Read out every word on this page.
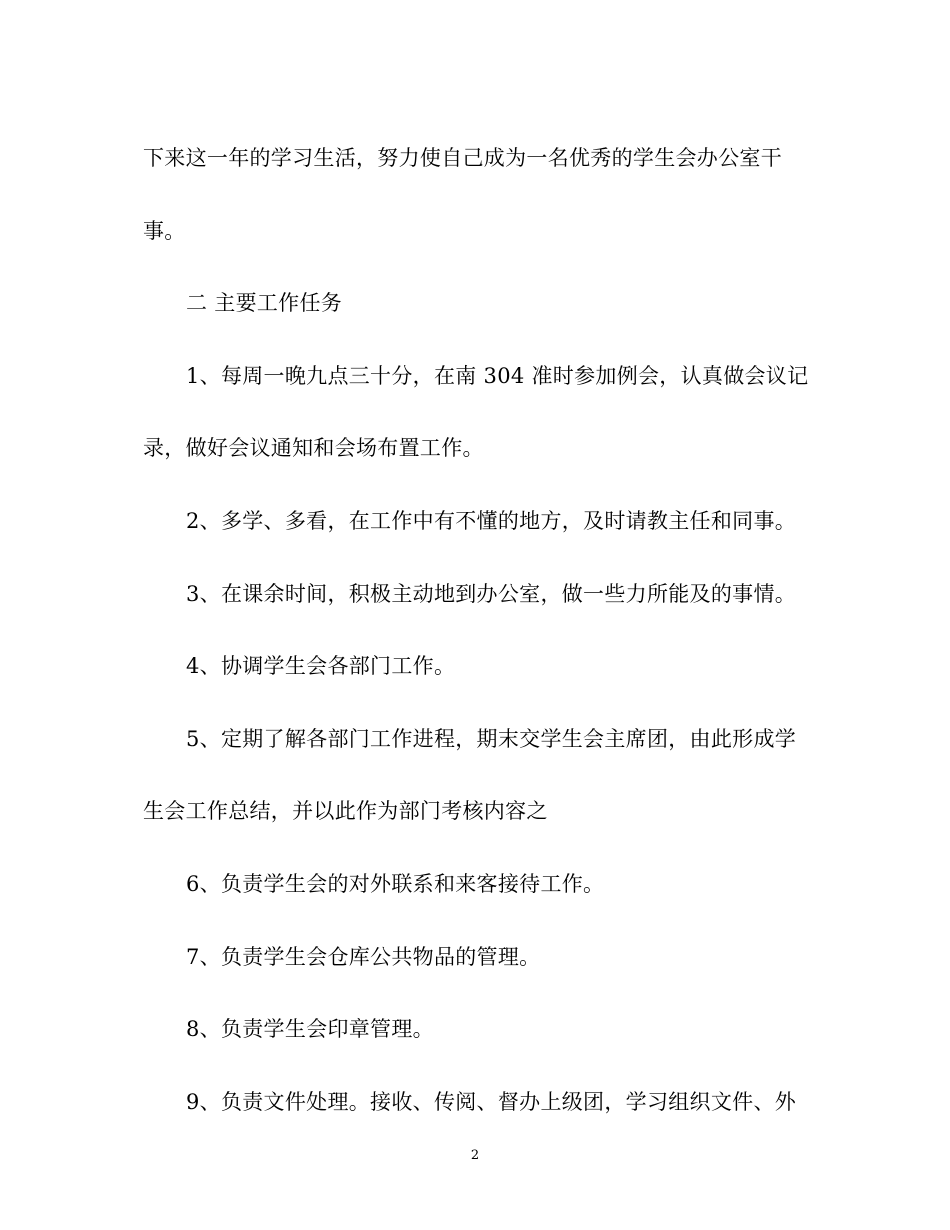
下来这一年的学习生活，努力使自己成为一名优秀的学生会办公室干
事。
二 主要工作任务
1、每周一晚九点三十分，在南 304 准时参加例会，认真做会议记
录，做好会议通知和会场布置工作。
2、多学、多看，在工作中有不懂的地方，及时请教主任和同事。
3、在课余时间，积极主动地到办公室，做一些力所能及的事情。
4、协调学生会各部门工作。
5、定期了解各部门工作进程，期末交学生会主席团，由此形成学
生会工作总结，并以此作为部门考核内容之
6、负责学生会的对外联系和来客接待工作。
7、负责学生会仓库公共物品的管理。
8、负责学生会印章管理。
9、负责文件处理。接收、传阅、督办上级团，学习组织文件、外
2
